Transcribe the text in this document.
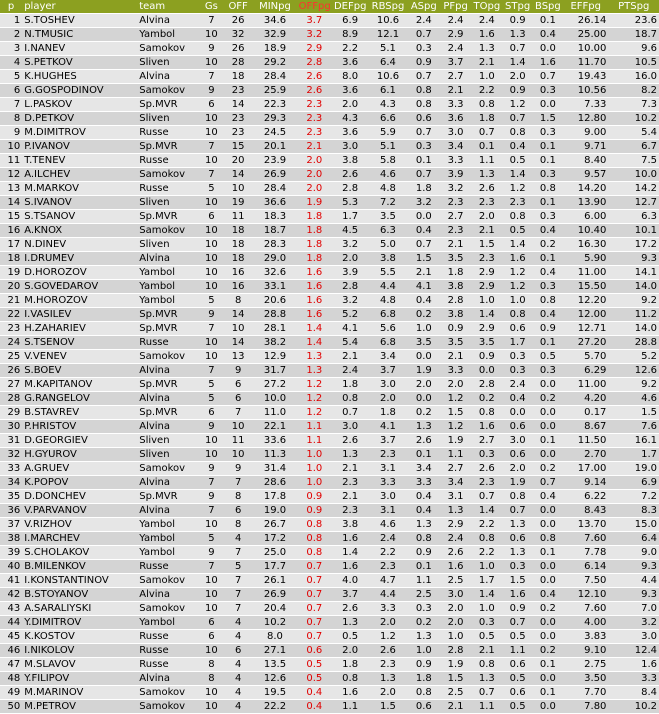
p	player	team	Gs	OFF	MINpg	OFFpg	DEFpg	RBSpg	ASpg	PFpg	TOpg	STpg	BSpg	EFFpg	PTSpg
1	S.TOSHEV	Alvina	7	26	34.6	3.7	6.9	10.6	2.4	2.4	2.4	0.9	0.1	26.14	23.6
2	N.TMUSIC	Yambol	10	32	32.9	3.2	8.9	12.1	0.7	2.9	1.6	1.3	0.4	25.00	18.7
3	I.NANEV	Samokov	9	26	18.9	2.9	2.2	5.1	0.3	2.4	1.3	0.7	0.0	10.00	9.6
4	S.PETKOV	Sliven	10	28	29.2	2.8	3.6	6.4	0.9	3.7	2.1	1.4	1.6	11.70	10.5
5	K.HUGHES	Alvina	7	18	28.4	2.6	8.0	10.6	0.7	2.7	1.0	2.0	0.7	19.43	16.0
6	G.GOSPODINOV	Samokov	9	23	25.9	2.6	3.6	6.1	0.8	2.1	2.2	0.9	0.3	10.56	8.2
7	L.PASKOV	Sp.MVR	6	14	22.3	2.3	2.0	4.3	0.8	3.3	0.8	1.2	0.0	7.33	7.3
8	D.PETKOV	Sliven	10	23	29.3	2.3	4.3	6.6	0.6	3.6	1.8	0.7	1.5	12.80	10.2
9	M.DIMITROV	Russe	10	23	24.5	2.3	3.6	5.9	0.7	3.0	0.7	0.8	0.3	9.00	5.4
10	P.IVANOV	Sp.MVR	7	15	20.1	2.1	3.0	5.1	0.3	3.4	0.1	0.4	0.1	9.71	6.7
11	T.TENEV	Russe	10	20	23.9	2.0	3.8	5.8	0.1	3.3	1.1	0.5	0.1	8.40	7.5
12	A.ILCHEV	Samokov	7	14	26.9	2.0	2.6	4.6	0.7	3.9	1.3	1.4	0.3	9.57	10.0
13	M.MARKOV	Russe	5	10	28.4	2.0	2.8	4.8	1.8	3.2	2.6	1.2	0.8	14.20	14.2
14	S.IVANOV	Sliven	10	19	36.6	1.9	5.3	7.2	3.2	2.3	2.3	2.3	0.1	13.90	12.7
15	S.TSANOV	Sp.MVR	6	11	18.3	1.8	1.7	3.5	0.0	2.7	2.0	0.8	0.3	6.00	6.3
16	A.KNOX	Samokov	10	18	18.7	1.8	4.5	6.3	0.4	2.3	2.1	0.5	0.4	10.40	10.1
17	N.DINEV	Sliven	10	18	28.3	1.8	3.2	5.0	0.7	2.1	1.5	1.4	0.2	16.30	17.2
18	I.DRUMEV	Alvina	10	18	29.0	1.8	2.0	3.8	1.5	3.5	2.3	1.6	0.1	5.90	9.3
19	D.HOROZOV	Yambol	10	16	32.6	1.6	3.9	5.5	2.1	1.8	2.9	1.2	0.4	11.00	14.1
20	S.GOVEDAROV	Yambol	10	16	33.1	1.6	2.8	4.4	4.1	3.8	2.9	1.2	0.3	15.50	14.0
21	M.HOROZOV	Yambol	5	8	20.6	1.6	3.2	4.8	0.4	2.8	1.0	1.0	0.8	12.20	9.2
22	I.VASILEV	Sp.MVR	9	14	28.8	1.6	5.2	6.8	0.2	3.8	1.4	0.8	0.4	12.00	11.2
23	H.ZAHARIEV	Sp.MVR	7	10	28.1	1.4	4.1	5.6	1.0	0.9	2.9	0.6	0.9	12.71	14.0
24	S.TSENOV	Russe	10	14	38.2	1.4	5.4	6.8	3.5	3.5	3.5	1.7	0.1	27.20	28.8
25	V.VENEV	Samokov	10	13	12.9	1.3	2.1	3.4	0.0	2.1	0.9	0.3	0.5	5.70	5.2
26	S.BOEV	Alvina	7	9	31.7	1.3	2.4	3.7	1.9	3.3	0.0	0.3	0.3	6.29	12.6
27	M.KAPITANOV	Sp.MVR	5	6	27.2	1.2	1.8	3.0	2.0	2.0	2.8	2.4	0.0	11.00	9.2
28	G.RANGELOV	Alvina	5	6	10.0	1.2	0.8	2.0	0.0	1.2	0.2	0.4	0.2	4.20	4.6
29	B.STAVREV	Sp.MVR	6	7	11.0	1.2	0.7	1.8	0.2	1.5	0.8	0.0	0.0	0.17	1.5
30	P.HRISTOV	Alvina	9	10	22.1	1.1	3.0	4.1	1.3	1.2	1.6	0.6	0.0	8.67	7.6
31	D.GEORGIEV	Sliven	10	11	33.6	1.1	2.6	3.7	2.6	1.9	2.7	3.0	0.1	11.50	16.1
32	H.GYUROV	Sliven	10	10	11.3	1.0	1.3	2.3	0.1	1.1	0.3	0.6	0.0	2.70	1.7
33	A.GRUEV	Samokov	9	9	31.4	1.0	2.1	3.1	3.4	2.7	2.6	2.0	0.2	17.00	19.0
34	K.POPOV	Alvina	7	7	28.6	1.0	2.3	3.3	3.3	3.4	2.3	1.9	0.7	9.14	6.9
35	D.DONCHEV	Sp.MVR	9	8	17.8	0.9	2.1	3.0	0.4	3.1	0.7	0.8	0.4	6.22	7.2
36	V.PARVANOV	Alvina	7	6	19.0	0.9	2.3	3.1	0.4	1.3	1.4	0.7	0.0	8.43	8.3
37	V.RIZHOV	Yambol	10	8	26.7	0.8	3.8	4.6	1.3	2.9	2.2	1.3	0.0	13.70	15.0
38	I.MARCHEV	Yambol	5	4	17.2	0.8	1.6	2.4	0.8	2.4	0.8	0.6	0.8	7.60	6.4
39	S.CHOLAKOV	Yambol	9	7	25.0	0.8	1.4	2.2	0.9	2.6	2.2	1.3	0.1	7.78	9.0
40	B.MILENKOV	Russe	7	5	17.7	0.7	1.6	2.3	0.1	1.6	1.0	0.3	0.0	6.14	9.3
41	I.KONSTANTINOV	Samokov	10	7	26.1	0.7	4.0	4.7	1.1	2.5	1.7	1.5	0.0	7.50	4.4
42	B.STOYANOV	Alvina	10	7	26.9	0.7	3.7	4.4	2.5	3.0	1.4	1.6	0.4	12.10	9.3
43	A.SARALIYSKI	Samokov	10	7	20.4	0.7	2.6	3.3	0.3	2.0	1.0	0.9	0.2	7.60	7.0
44	Y.DIMITROV	Yambol	6	4	10.2	0.7	1.3	2.0	0.2	2.0	0.3	0.7	0.0	4.00	3.2
45	K.KOSTOV	Russe	6	4	8.0	0.7	0.5	1.2	1.3	1.0	0.5	0.5	0.0	3.83	3.0
46	I.NIKOLOV	Russe	10	6	27.1	0.6	2.0	2.6	1.0	2.8	2.1	1.1	0.2	9.10	12.4
47	M.SLAVOV	Russe	8	4	13.5	0.5	1.8	2.3	0.9	1.9	0.8	0.6	0.1	2.75	1.6
48	Y.FILIPOV	Alvina	8	4	12.6	0.5	0.8	1.3	1.8	1.5	1.3	0.5	0.0	3.50	3.3
49	M.MARINOV	Samokov	10	4	19.5	0.4	1.6	2.0	0.8	2.5	0.7	0.6	0.1	7.70	8.4
50	M.PETROV	Samokov	10	4	22.2	0.4	1.1	1.5	0.6	2.1	1.1	0.5	0.0	7.80	10.2
